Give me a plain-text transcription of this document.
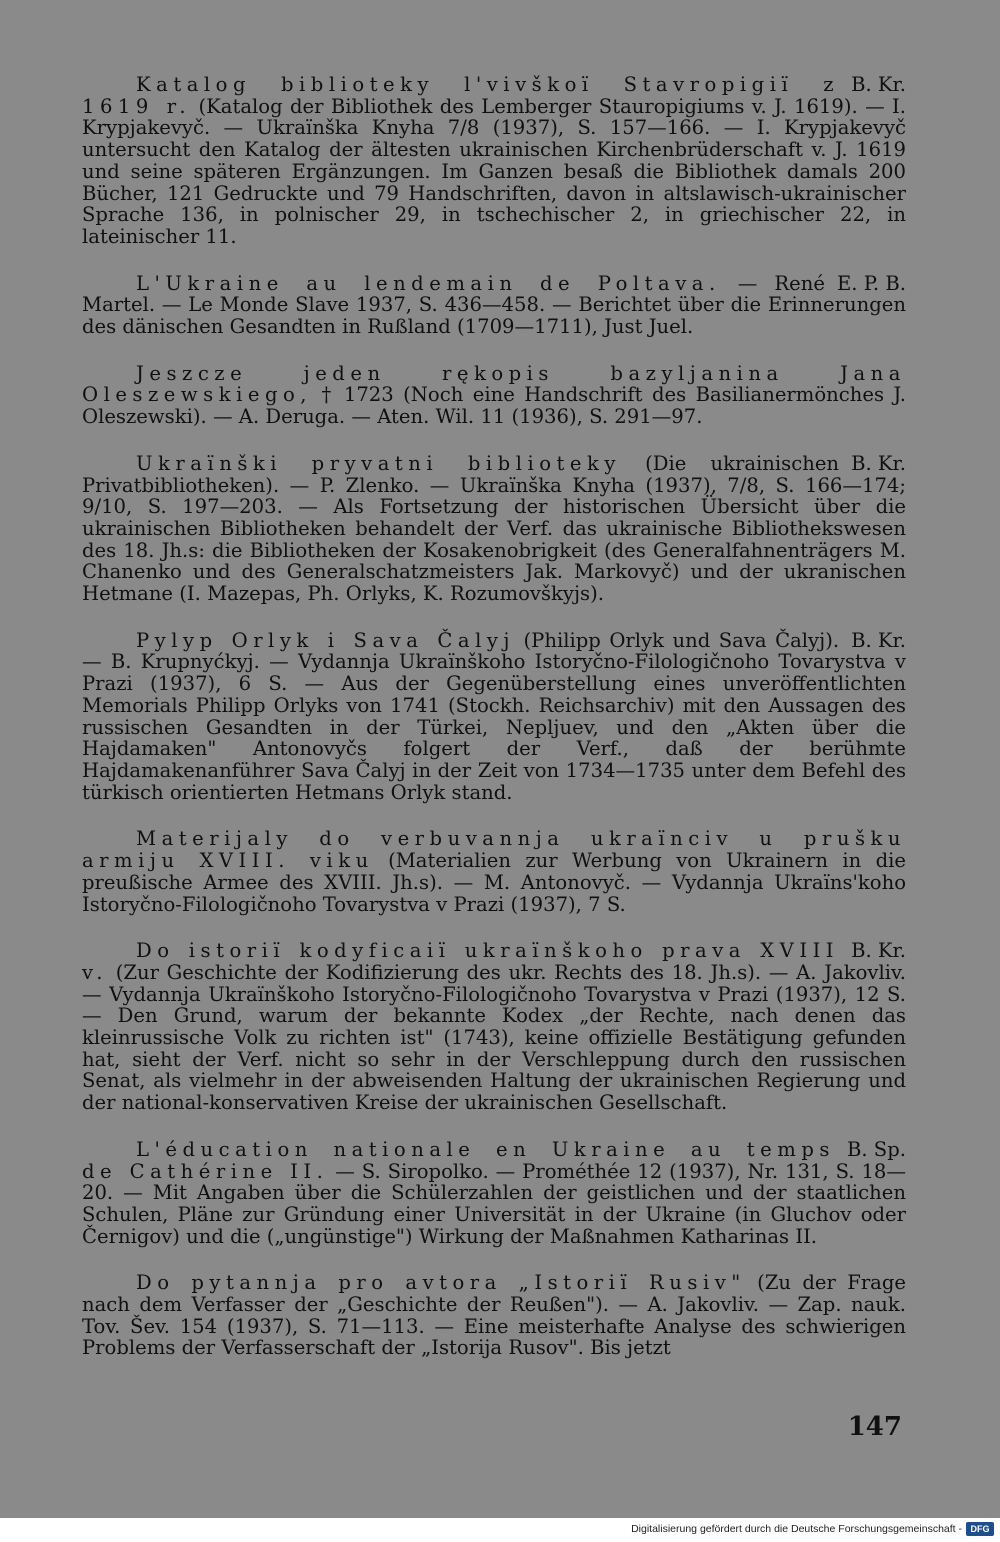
B. Kr.
Katalog biblioteky l'vivškoï Stavropigiï z 1619 r. (Katalog der Bibliothek des Lemberger Stauropigiums v. J. 1619). — I. Krypjakevyč. — Ukraïnška Knyha 7/8 (1937), S. 157—166. — I. Krypjakevyč untersucht den Katalog der ältesten ukrainischen Kirchenbrüderschaft v. J. 1619 und seine späteren Ergänzungen. Im Ganzen besaß die Bibliothek damals 200 Bücher, 121 Gedruckte und 79 Handschriften, davon in altslawisch-ukrainischer Sprache 136, in polnischer 29, in tschechischer 2, in griechischer 22, in lateinischer 11.

E. P. B.
L'Ukraine au lendemain de Poltava. — René Martel. — Le Monde Slave 1937, S. 436—458. — Berichtet über die Erinnerungen des dänischen Gesandten in Rußland (1709—1711), Just Juel.

Jeszcze jeden rękopis bazyljanina Jana Oleszewskiego, † 1723 (Noch eine Handschrift des Basilianermönches J. Oleszewski). — A. Deruga. — Aten. Wil. 11 (1936), S. 291—97.

B. Kr.
Ukraïnški pryvatni biblioteky (Die ukrainischen Privatbibliotheken). — P. Zlenko. — Ukraïnška Knyha (1937), 7/8, S. 166—174; 9/10, S. 197—203. — Als Fortsetzung der historischen Übersicht über die ukrainischen Bibliotheken behandelt der Verf. das ukrainische Bibliothekswesen des 18. Jh.s: die Bibliotheken der Kosakenobrigkeit (des Generalfahnenträgers M. Chanenko und des Generalschatzmeisters Jak. Markovyč) und der ukranischen Hetmane (I. Mazepas, Ph. Orlyks, K. Rozumovškyjs).

B. Kr.
Pylyp Orlyk i Sava Čalyj (Philipp Orlyk und Sava Čalyj). — B. Krupnyćkyj. — Vydannja Ukraïnškoho Istoryčno-Filologičnoho Tovarystva v Prazi (1937), 6 S. — Aus der Gegenüberstellung eines unveröffentlichten Memorials Philipp Orlyks von 1741 (Stockh. Reichsarchiv) mit den Aussagen des russischen Gesandten in der Türkei, Nepljuev, und den „Akten über die Hajdamaken" Antonovyčs folgert der Verf., daß der berühmte Hajdamakenanführer Sava Čalyj in der Zeit von 1734—1735 unter dem Befehl des türkisch orientierten Hetmans Orlyk stand.

Materijaly do verbuvannja ukraïnciv u prušku armiju XVIII. viku (Materialien zur Werbung von Ukrainern in die preußische Armee des XVIII. Jh.s). — M. Antonovyč. — Vydannja Ukraïns'koho Istoryčno-Filologičnoho Tovarystva v Prazi (1937), 7 S.

B. Kr.
Do istoriï kodyficaiï ukraïnškoho prava XVIII v. (Zur Geschichte der Kodifizierung des ukr. Rechts des 18. Jh.s). — A. Jakovliv. — Vydannja Ukraïnškoho Istoryčno-Filologičnoho Tovarystva v Prazi (1937), 12 S. — Den Grund, warum der bekannte Kodex „der Rechte, nach denen das kleinrussische Volk zu richten ist" (1743), keine offizielle Bestätigung gefunden hat, sieht der Verf. nicht so sehr in der Verschleppung durch den russischen Senat, als vielmehr in der abweisenden Haltung der ukrainischen Regierung und der national-konservativen Kreise der ukrainischen Gesellschaft.

B. Sp.
L'éducation nationale en Ukraine au temps de Cathérine II. — S. Siropolko. — Prométhée 12 (1937), Nr. 131, S. 18—20. — Mit Angaben über die Schülerzahlen der geistlichen und der staatlichen Schulen, Pläne zur Gründung einer Universität in der Ukraine (in Gluchov oder Černigov) und die („ungünstige") Wirkung der Maßnahmen Katharinas II.

Do pytannja pro avtora „Istoriï Rusiv" (Zu der Frage nach dem Verfasser der „Geschichte der Reußen"). — A. Jakovliv. — Zap. nauk. Tov. Šev. 154 (1937), S. 71—113. — Eine meisterhafte Analyse des schwierigen Problems der Verfasserschaft der „Istorija Rusov". Bis jetzt

147
Digitalisierung gefördert durch die Deutsche Forschungsgemeinschaft - DFG
